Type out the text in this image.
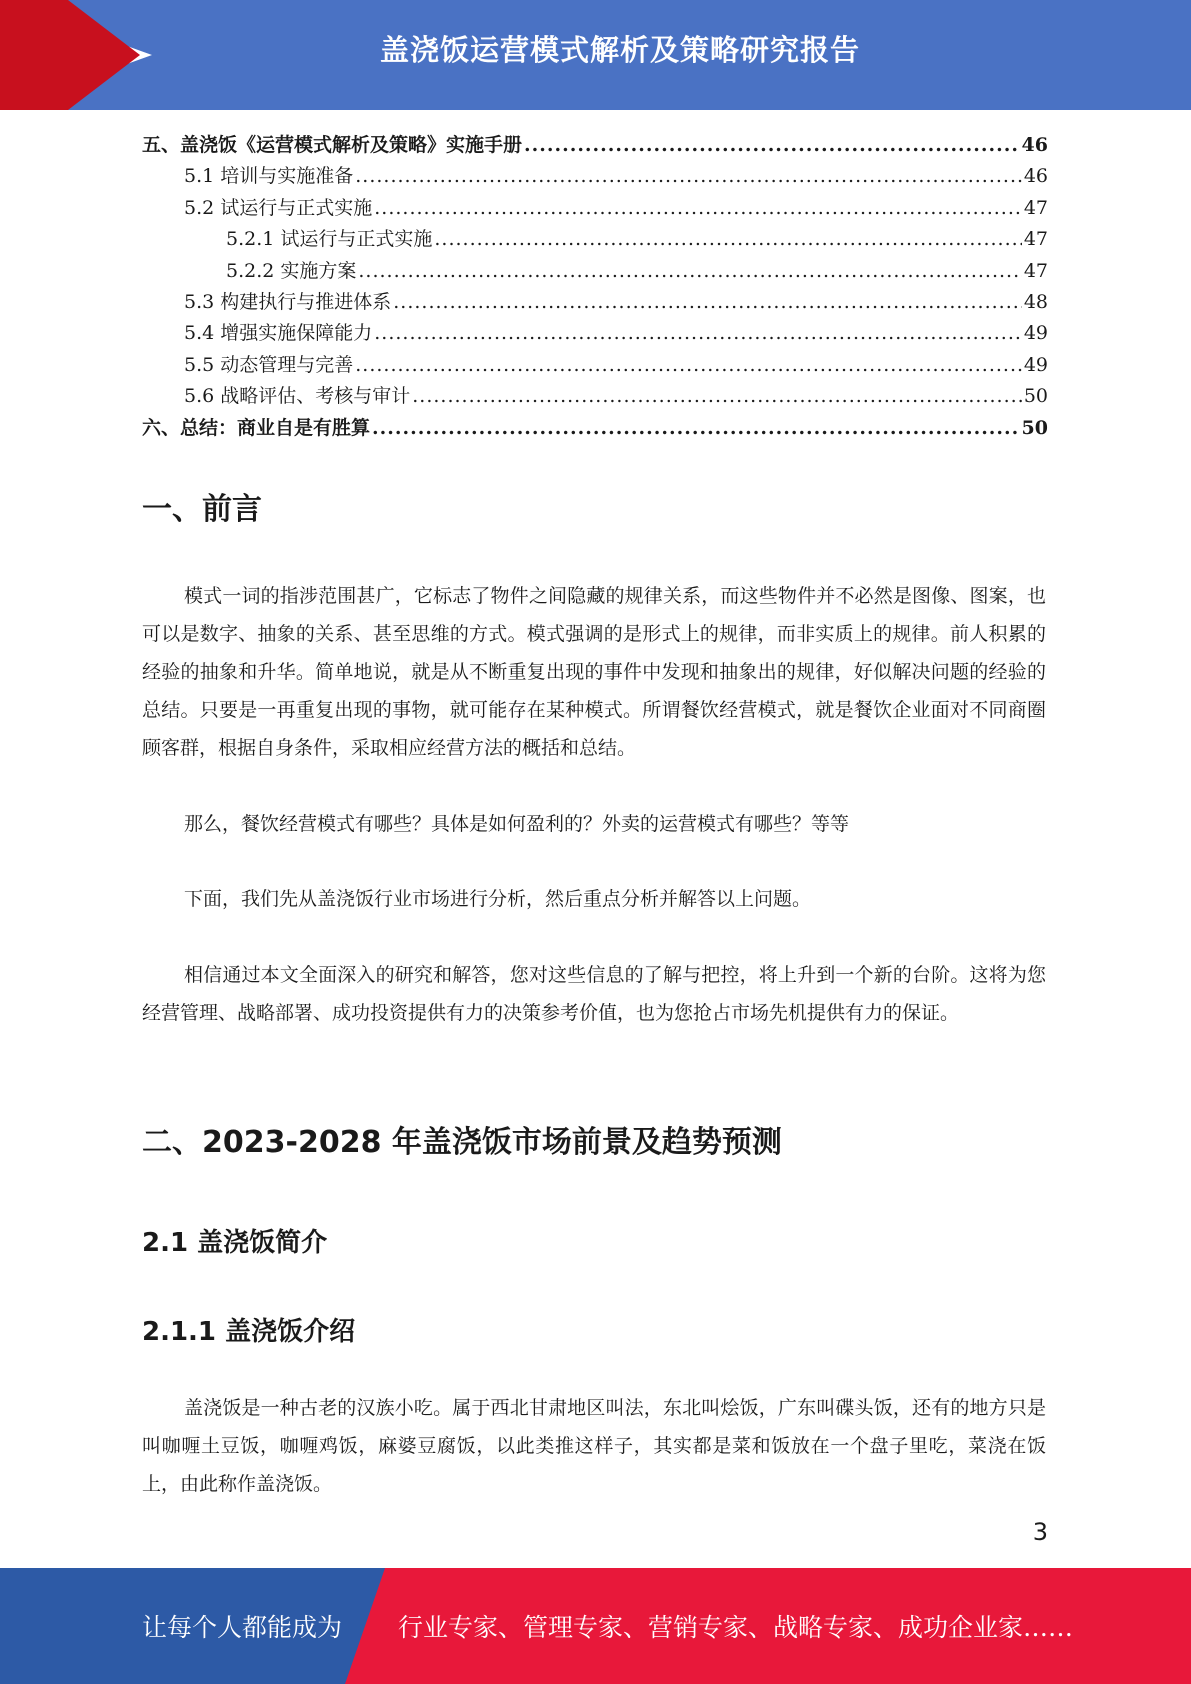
盖浇饭运营模式解析及策略研究报告
五、盖浇饭《运营模式解析及策略》实施手册 .....	46
5.1 培训与实施准备 .....	46
5.2 试运行与正式实施 .....	47
5.2.1 试运行与正式实施 .....	47
5.2.2 实施方案 .....	47
5.3 构建执行与推进体系 .....	48
5.4 增强实施保障能力 .....	49
5.5 动态管理与完善 .....	49
5.6 战略评估、考核与审计 .....	50
六、总结：商业自是有胜算 .....	50
一、前言

模式一词的指涉范围甚广，它标志了物件之间隐藏的规律关系，而这些物件并不必然是图像、图案，也可以是数字、抽象的关系、甚至思维的方式。模式强调的是形式上的规律，而非实质上的规律。前人积累的经验的抽象和升华。简单地说，就是从不断重复出现的事件中发现和抽象出的规律，好似解决问题的经验的总结。只要是一再重复出现的事物，就可能存在某种模式。所谓餐饮经营模式，就是餐饮企业面对不同商圈顾客群，根据自身条件，采取相应经营方法的概括和总结。

那么，餐饮经营模式有哪些？具体是如何盈利的？外卖的运营模式有哪些？等等

下面，我们先从盖浇饭行业市场进行分析，然后重点分析并解答以上问题。

相信通过本文全面深入的研究和解答，您对这些信息的了解与把控，将上升到一个新的台阶。这将为您经营管理、战略部署、成功投资提供有力的决策参考价值，也为您抢占市场先机提供有力的保证。

二、2023-2028 年盖浇饭市场前景及趋势预测
2.1 盖浇饭简介
2.1.1 盖浇饭介绍

盖浇饭是一种古老的汉族小吃。属于西北甘肃地区叫法，东北叫烩饭，广东叫碟头饭，还有的地方只是叫咖喱土豆饭，咖喱鸡饭，麻婆豆腐饭，以此类推这样子，其实都是菜和饭放在一个盘子里吃，菜浇在饭上，由此称作盖浇饭。

3
让每个人都能成为 行业专家、管理专家、营销专家、战略专家、成功企业家……
